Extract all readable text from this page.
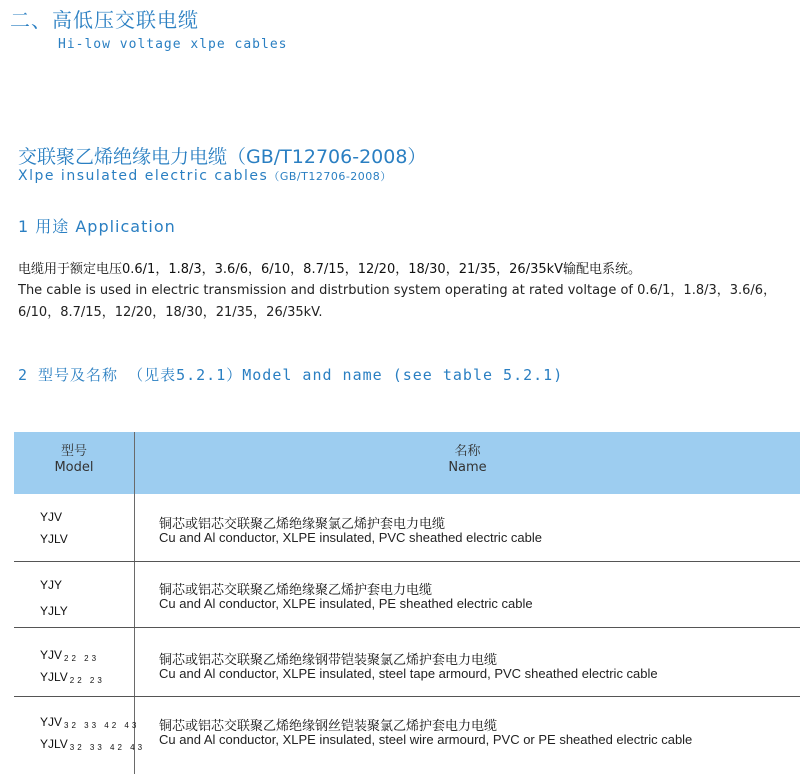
二、高低压交联电缆
Hi-low voltage xlpe cables
交联聚乙烯绝缘电力电缆（GB/T12706-2008）
Xlpe insulated electric cables（GB/T12706-2008）
1 用途 Application
电缆用于额定电压0.6/1，1.8/3，3.6/6，6/10，8.7/15，12/20，18/30，21/35，26/35kV输配电系统。
The cable is used in electric transmission and distrbution system operating at rated voltage of 0.6/1，1.8/3，3.6/6，6/10，8.7/15，12/20，18/30，21/35，26/35kV.
2 型号及名称 （见表5.2.1）Model and name (see table 5.2.1)
型号
Model
名称
Name
YJV
YJLV
铜芯或铝芯交联聚乙烯绝缘聚氯乙烯护套电力电缆
Cu and Al conductor, XLPE insulated, PVC sheathed electric cable
YJY
YJLY
铜芯或铝芯交联聚乙烯绝缘聚乙烯护套电力电缆
Cu and Al conductor, XLPE insulated, PE sheathed electric cable
YJV $_{22 23}$
YJLV $_{22 23}$
铜芯或铝芯交联聚乙烯绝缘钢带铠装聚氯乙烯护套电力电缆
Cu and Al conductor, XLPE insulated, steel tape armourd, PVC sheathed electric cable
YJV $_{32 33 42 43}$
YJLV $_{32 33 42 43}$
铜芯或铝芯交联聚乙烯绝缘钢丝铠装聚氯乙烯护套电力电缆
Cu and Al conductor, XLPE insulated, steel wire armourd, PVC or PE sheathed electric cable
